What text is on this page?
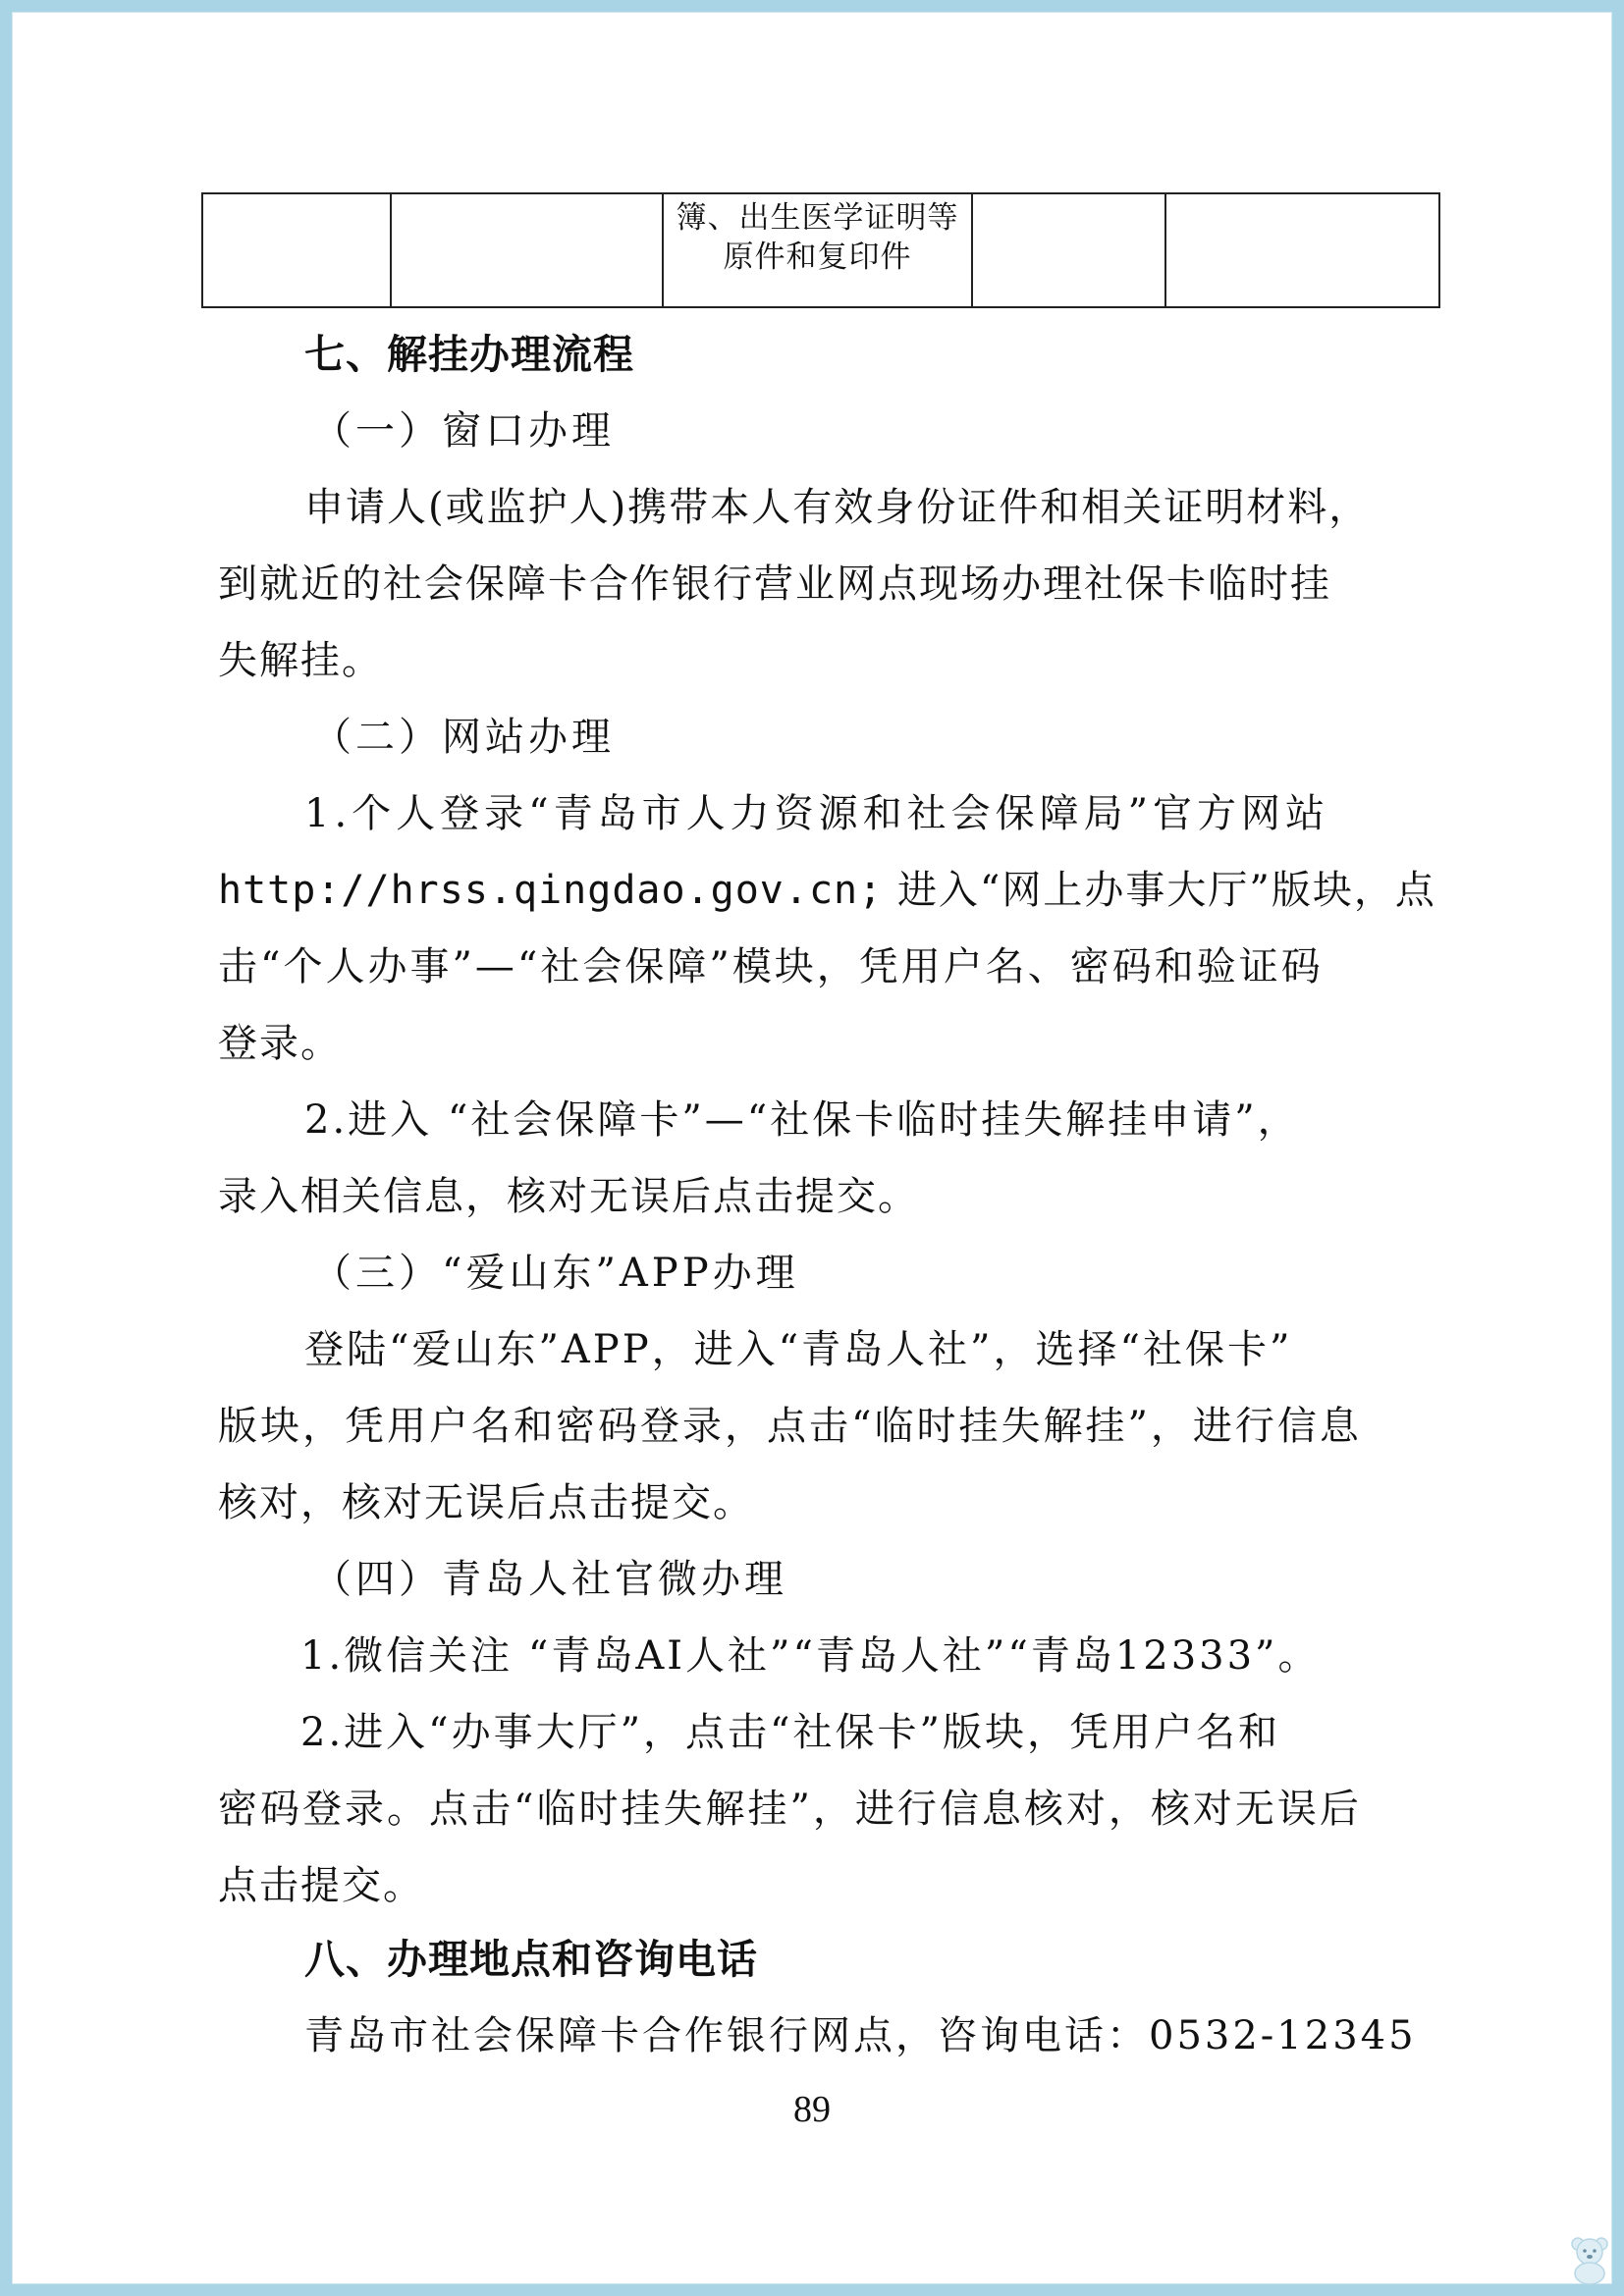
簿、出生医学证明等
原件和复印件

七、解挂办理流程
（一）窗口办理
申请人(或监护人)携带本人有效身份证件和相关证明材料，
到就近的社会保障卡合作银行营业网点现场办理社保卡临时挂
失解挂。
（二）网站办理
1.个人登录“青岛市人力资源和社会保障局”官方网站
http://hrss.qingdao.gov.cn; 进入“网上办事大厅”版块，点
击“个人办事”—“社会保障”模块，凭用户名、密码和验证码
登录。
2.进入 “社会保障卡”—“社保卡临时挂失解挂申请”，
录入相关信息，核对无误后点击提交。
（三）“爱山东”APP办理
登陆“爱山东”APP，进入“青岛人社”，选择“社保卡”
版块，凭用户名和密码登录，点击“临时挂失解挂”，进行信息
核对，核对无误后点击提交。
（四）青岛人社官微办理
1.微信关注 “青岛AI人社”“青岛人社”“青岛12333”。
2.进入“办事大厅”，点击“社保卡”版块，凭用户名和
密码登录。点击“临时挂失解挂”，进行信息核对，核对无误后
点击提交。
八、办理地点和咨询电话
青岛市社会保障卡合作银行网点，咨询电话：0532-12345
89
